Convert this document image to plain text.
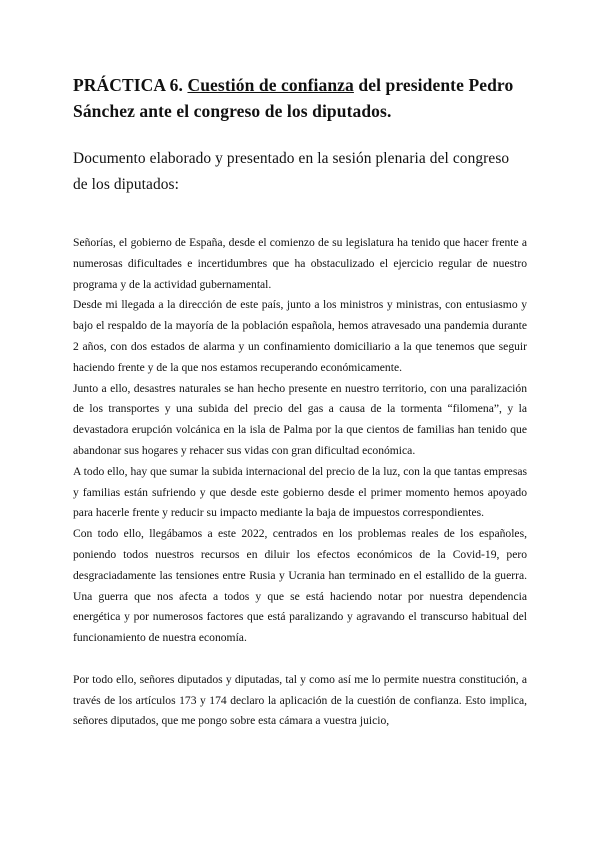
PRÁCTICA 6. Cuestión de confianza del presidente Pedro Sánchez ante el congreso de los diputados.
Documento elaborado y presentado en la sesión plenaria del congreso de los diputados:

Señorías, el gobierno de España, desde el comienzo de su legislatura ha tenido que hacer frente a numerosas dificultades e incertidumbres que ha obstaculizado el ejercicio regular de nuestro programa y de la actividad gubernamental.

Desde mi llegada a la dirección de este país, junto a los ministros y ministras, con entusiasmo y bajo el respaldo de la mayoría de la población española, hemos atravesado una pandemia durante 2 años, con dos estados de alarma y un confinamiento domiciliario a la que tenemos que seguir haciendo frente y de la que nos estamos recuperando económicamente.

Junto a ello, desastres naturales se han hecho presente en nuestro territorio, con una paralización de los transportes y una subida del precio del gas a causa de la tormenta “filomena”, y la devastadora erupción volcánica en la isla de Palma por la que cientos de familias han tenido que abandonar sus hogares y rehacer sus vidas con gran dificultad económica.

A todo ello, hay que sumar la subida internacional del precio de la luz, con la que tantas empresas y familias están sufriendo y que desde este gobierno desde el primer momento hemos apoyado para hacerle frente y reducir su impacto mediante la baja de impuestos correspondientes.

Con todo ello, llegábamos a este 2022, centrados en los problemas reales de los españoles, poniendo todos nuestros recursos en diluir los efectos económicos de la Covid-19, pero desgraciadamente las tensiones entre Rusia y Ucrania han terminado en el estallido de la guerra. Una guerra que nos afecta a todos y que se está haciendo notar por nuestra dependencia energética y por numerosos factores que está paralizando y agravando el transcurso habitual del funcionamiento de nuestra economía.

Por todo ello, señores diputados y diputadas, tal y como así me lo permite nuestra constitución, a través de los artículos 173 y 174 declaro la aplicación de la cuestión de confianza. Esto implica, señores diputados, que me pongo sobre esta cámara a vuestra juicio,
